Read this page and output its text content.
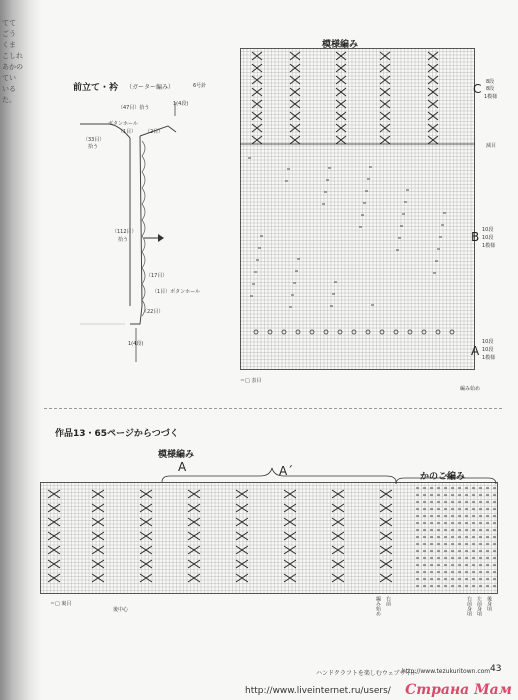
てて
ごう
くま
こしれ
あかの
てい
いる
た。
前立て・衿 （ガーター編み）	6号針
（47目）拾う
1(4段)
ボタンホール
（1目） （2目）
（33目）
拾う
（112目）
拾う
（17目）
（1目）ボタンホール
（22目）
1(4段)
模様編み
C 8段
8段
1模様
減目
B 10段
10段
1模様
A
10段
10段
1模様
＝□ 表目
編み始め
作品13・65ページからつづく
模様編み
A	A´	かのこ編み
＝□ 裏目
後中心	編み始め 右前	右前身頃 左前身頃 後身頃
ハンドクラフトを楽しむウェブサイト
http://www.tezukuritown.com 43
http://www.liveinternet.ru/users/ Страна Мам
